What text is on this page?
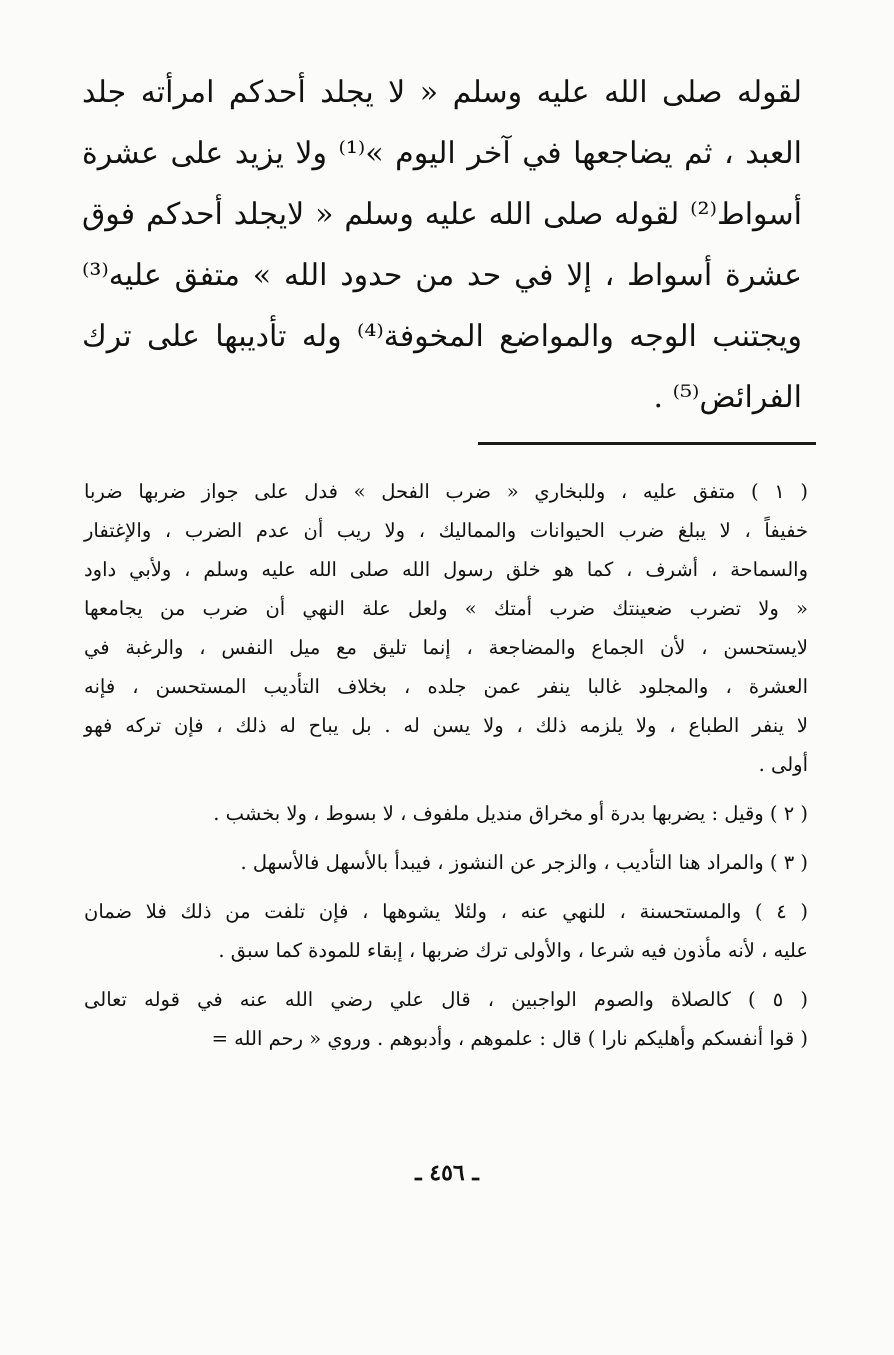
لقوله صلى الله عليه وسلم « لا يجلد أحدكم امرأته جلد
العبد ، ثم يضاجعها في آخر اليوم »⁽¹⁾ ولا يزيد على عشرة
أسواط⁽²⁾ لقوله صلى الله عليه وسلم « لايجلد أحدكم فوق
عشرة أسواط ، إلا في حد من حدود الله » متفق عليه⁽³⁾
ويجتنب الوجه والمواضع المخوفة⁽⁴⁾ وله تأديبها على ترك
الفرائض⁽⁵⁾ .
( ١ ) متفق عليه ، وللبخاري « ضرب الفحل » فدل على جواز ضربها ضربا
خفيفاً ، لا يبلغ ضرب الحيوانات والمماليك ، ولا ريب أن عدم الضرب ، والإغتفار
والسماحة ، أشرف ، كما هو خلق رسول الله صلى الله عليه وسلم ، ولأبي داود
« ولا تضرب ضعينتك ضرب أمتك » ولعل علة النهي أن ضرب من يجامعها
لايستحسن ، لأن الجماع والمضاجعة ، إنما تليق مع ميل النفس ، والرغبة في
العشرة ، والمجلود غالبا ينفر عمن جلده ، بخلاف التأديب المستحسن ، فإنه
لا ينفر الطباع ، ولا يلزمه ذلك ، ولا يسن له . بل يباح له ذلك ، فإن تركه فهو
أولى .
( ٢ ) وقيل : يضربها بدرة أو مخراق منديل ملفوف ، لا بسوط ، ولا بخشب .
( ٣ ) والمراد هنا التأديب ، والزجر عن النشوز ، فيبدأ بالأسهل فالأسهل .
( ٤ ) والمستحسنة ، للنهي عنه ، ولئلا يشوهها ، فإن تلفت من ذلك فلا ضمان
عليه ، لأنه مأذون فيه شرعا ، والأولى ترك ضربها ، إبقاء للمودة كما سبق .
( ٥ ) كالصلاة والصوم الواجبين ، قال علي رضي الله عنه في قوله تعالى
( قوا أنفسكم وأهليكم نارا ) قال : علموهم ، وأدبوهم . وروي « رحم الله =
ـ ٤٥٦ ـ
